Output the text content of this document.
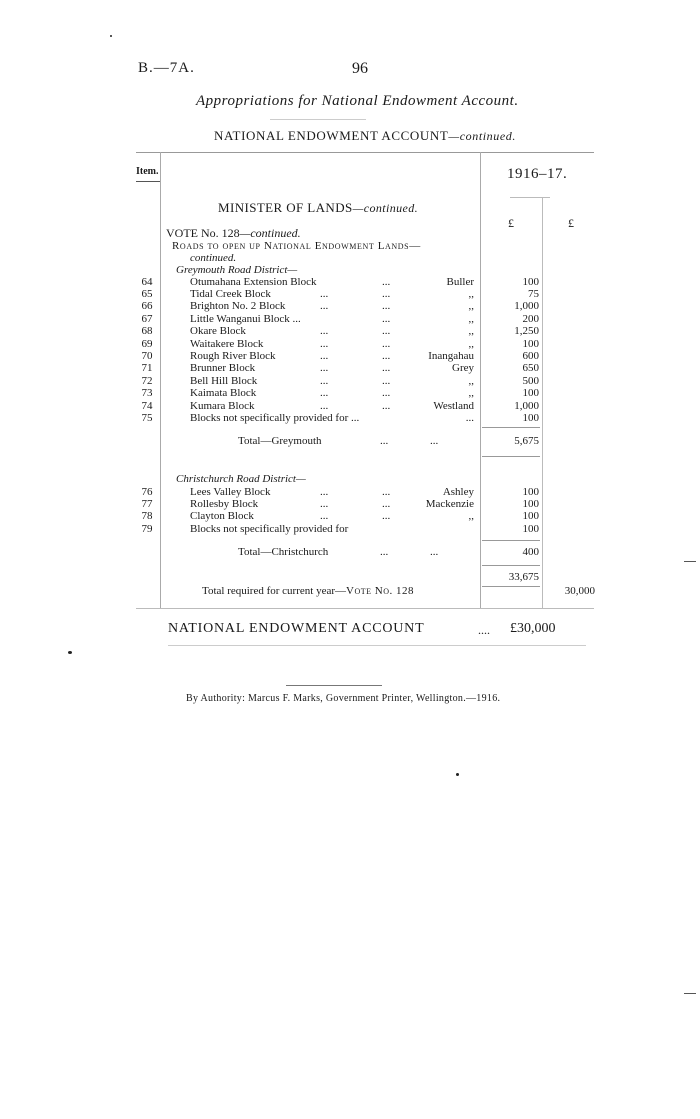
B.—7A.	96
Appropriations for National Endowment Account.
NATIONAL ENDOWMENT ACCOUNT—continued.
Item.	1916–17.
£	£
MINISTER OF LANDS—continued.
VOTE No. 128—continued.
Roads to open up National Endowment Lands—
continued.
Greymouth Road District—
64	Otumahana Extension Block	...	Buller	100
65	Tidal Creek Block	...	...	,,	75
66	Brighton No. 2 Block	...	...	,,	1,000
67	Little Wanganui Block ...	...	,,	200
68	Okare Block	...	...	,,	1,250
69	Waitakere Block	...	...	,,	100
70	Rough River Block	...	...	Inangahau	600
71	Brunner Block	...	...	Grey	650
72	Bell Hill Block	...	...	,,	500
73	Kaimata Block	...	...	,,	100
74	Kumara Block	...	...	Westland	1,000
75	Blocks not specifically provided for ...	...	100
Total—Greymouth	...	...	5,675
Christchurch Road District—
76	Lees Valley Block	...	...	Ashley	100
77	Rollesby Block	...	...	Mackenzie	100
78	Clayton Block	...	...	,,	100
79	Blocks not specifically provided for	100
Total—Christchurch	...	...	400
33,675
Total required for current year—Vote No. 128	30,000
NATIONAL ENDOWMENT ACCOUNT	.... £30,000
By Authority: Marcus F. Marks, Government Printer, Wellington.—1916.
